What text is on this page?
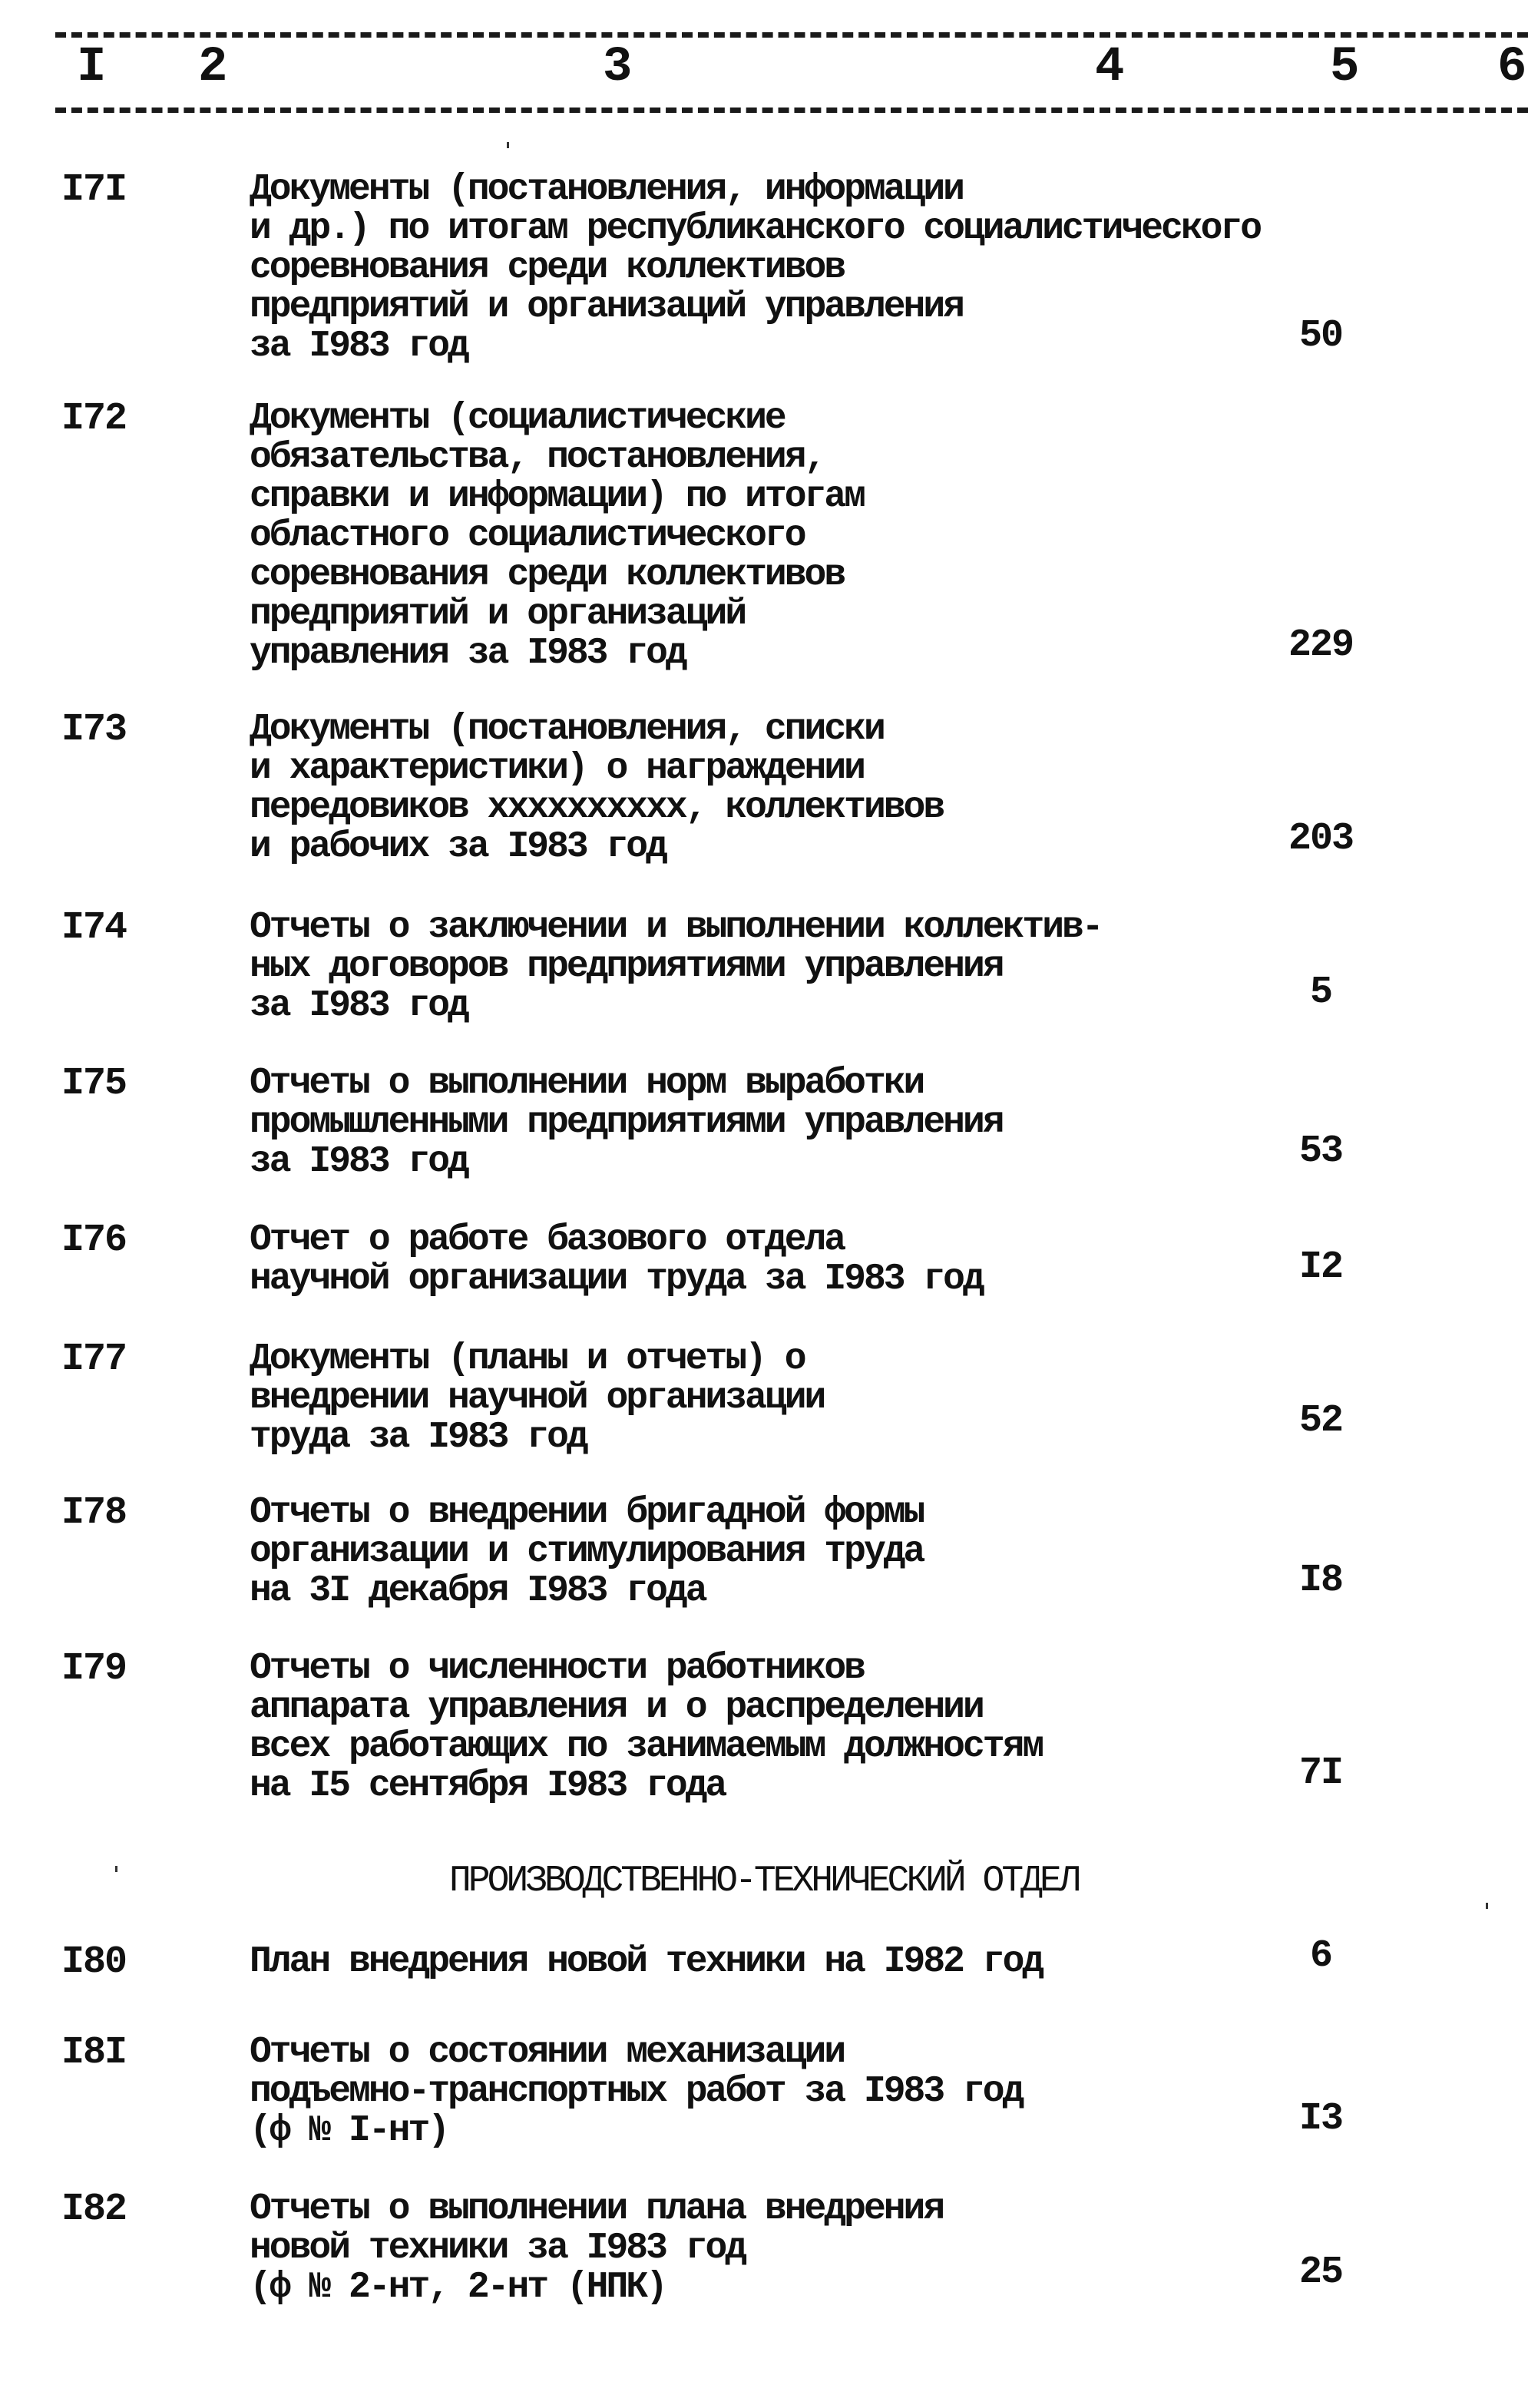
I 2	3	4	5	6
I7I	Документы (постановления, информации
и др.) по итогам республиканского социалистического
соревнования среди коллективов
предприятий и организаций управления
за I983 год	50
I72	Документы (социалистические
обязательства, постановления,
справки и информации) по итогам
областного социалистического
соревнования среди коллективов
предприятий и организаций
управления за I983 год	229
I73	Документы (постановления, списки
и характеристики) о награждении
передовиков xxxxxxxxxx, коллективов
и рабочих за I983 год	203
I74	Отчеты о заключении и выполнении коллектив-
ных договоров предприятиями управления
за I983 год	5
I75	Отчеты о выполнении норм выработки
промышленными предприятиями управления
за I983 год	53
I76	Отчет о работе базового отдела
научной организации труда за I983 год	I2
I77	Документы (планы и отчеты) о
внедрении научной организации
труда за I983 год	52
I78	Отчеты о внедрении бригадной формы
организации и стимулирования труда
на 3I декабря I983 года	I8
I79	Отчеты о численности работников
аппарата управления и о распределении
всех работающих по занимаемым должностям
на I5 сентября I983 года	7I
ПРОИЗВОДСТВЕННО-ТЕХНИЧЕСКИЙ ОТДЕЛ
I80	План внедрения новой техники на I982 год	6
I8I	Отчеты о состоянии механизации
подъемно-транспортных работ за I983 год
(ф № I-нт)	I3
I82	Отчеты о выполнении плана внедрения
новой техники за I983 год
(ф № 2-нт, 2-нт (НПК)	25
